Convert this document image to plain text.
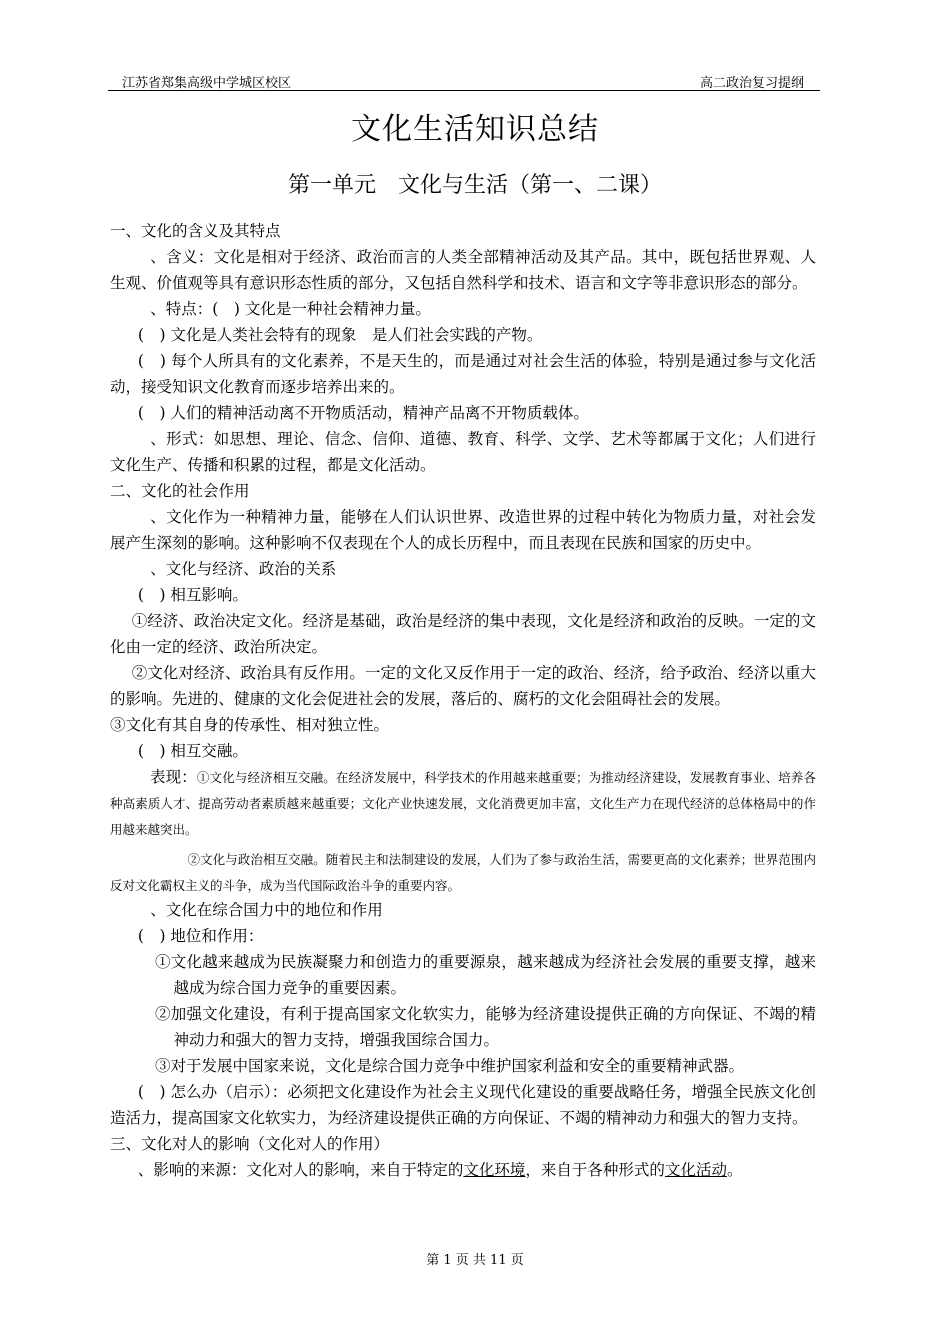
江苏省郑集高级中学城区校区	高二政治复习提纲
文化生活知识总结
第一单元　文化与生活（第一、二课）

一、文化的含义及其特点

、含义：文化是相对于经济、政治而言的人类全部精神活动及其产品。其中，既包括世界观、人生观、价值观等具有意识形态性质的部分，又包括自然科学和技术、语言和文字等非意识形态的部分。

、特点：(　) 文化是一种社会精神力量。

(　) 文化是人类社会特有的现象　是人们社会实践的产物。

(　) 每个人所具有的文化素养，不是天生的，而是通过对社会生活的体验，特别是通过参与文化活动，接受知识文化教育而逐步培养出来的。

(　) 人们的精神活动离不开物质活动，精神产品离不开物质载体。

、形式：如思想、理论、信念、信仰、道德、教育、科学、文学、艺术等都属于文化；人们进行文化生产、传播和积累的过程，都是文化活动。

二、文化的社会作用

、文化作为一种精神力量，能够在人们认识世界、改造世界的过程中转化为物质力量，对社会发展产生深刻的影响。这种影响不仅表现在个人的成长历程中，而且表现在民族和国家的历史中。

、文化与经济、政治的关系

(　) 相互影响。

①经济、政治决定文化。经济是基础，政治是经济的集中表现，文化是经济和政治的反映。一定的文化由一定的经济、政治所决定。

②文化对经济、政治具有反作用。一定的文化又反作用于一定的政治、经济，给予政治、经济以重大的影响。先进的、健康的文化会促进社会的发展，落后的、腐朽的文化会阻碍社会的发展。

③文化有其自身的传承性、相对独立性。

(　) 相互交融。

表现：①文化与经济相互交融。在经济发展中，科学技术的作用越来越重要；为推动经济建设，发展教育事业、培养各种高素质人才、提高劳动者素质越来越重要；文化产业快速发展，文化消费更加丰富，文化生产力在现代经济的总体格局中的作用越来越突出。

②文化与政治相互交融。随着民主和法制建设的发展，人们为了参与政治生活，需要更高的文化素养；世界范围内反对文化霸权主义的斗争，成为当代国际政治斗争的重要内容。

、文化在综合国力中的地位和作用

(　) 地位和作用：

①文化越来越成为民族凝聚力和创造力的重要源泉，越来越成为经济社会发展的重要支撑，越来越成为综合国力竞争的重要因素。

②加强文化建设，有利于提高国家文化软实力，能够为经济建设提供正确的方向保证、不竭的精神动力和强大的智力支持，增强我国综合国力。

③对于发展中国家来说，文化是综合国力竞争中维护国家利益和安全的重要精神武器。

(　) 怎么办（启示）：必须把文化建设作为社会主义现代化建设的重要战略任务，增强全民族文化创造活力，提高国家文化软实力，为经济建设提供正确的方向保证、不竭的精神动力和强大的智力支持。

三、文化对人的影响（文化对人的作用）

、影响的来源：文化对人的影响，来自于特定的文化环境，来自于各种形式的文化活动。

第 1 页 共 11 页
